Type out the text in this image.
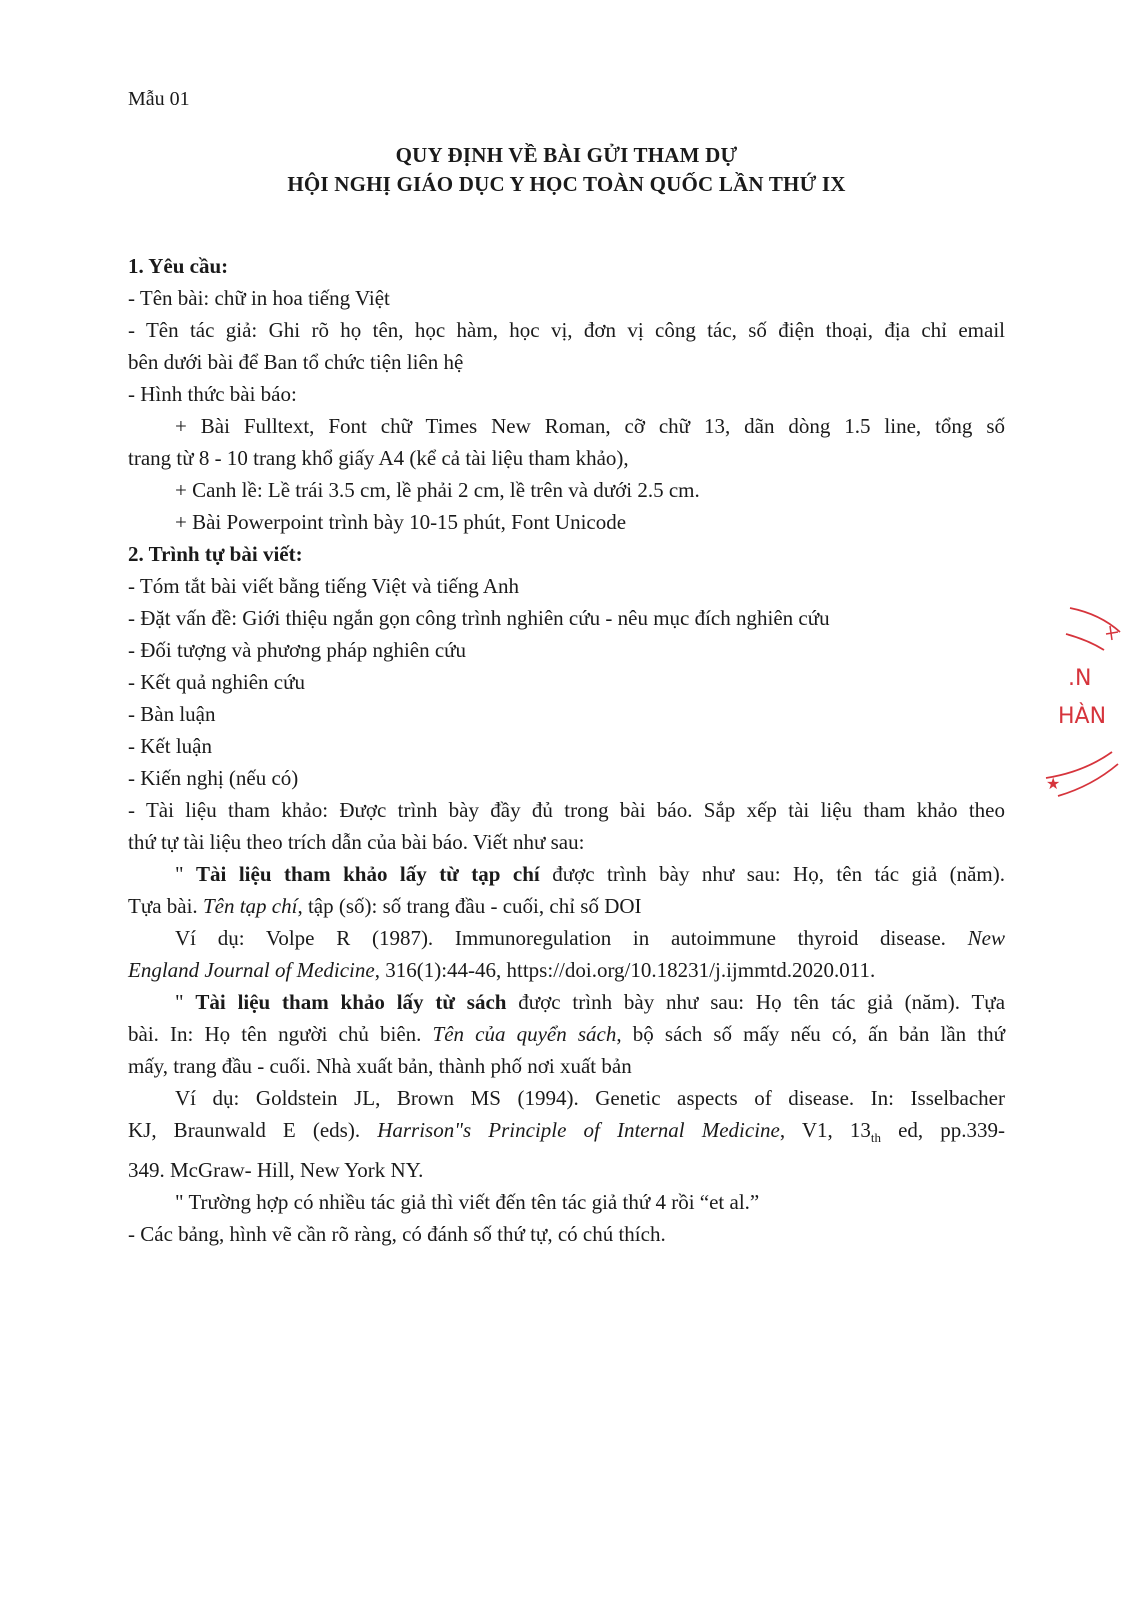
Mẫu 01
QUY ĐỊNH VỀ BÀI GỬI THAM DỰ
HỘI NGHỊ GIÁO DỤC Y HỌC TOÀN QUỐC LẦN THỨ IX
1. Yêu cầu:
- Tên bài: chữ in hoa tiếng Việt
- Tên tác giả: Ghi rõ họ tên, học hàm, học vị, đơn vị công tác, số điện thoại, địa chỉ email
bên dưới bài để Ban tổ chức tiện liên hệ
- Hình thức bài báo:
+ Bài Fulltext, Font chữ Times New Roman, cỡ chữ 13, dãn dòng 1.5 line, tổng số
trang từ 8 - 10 trang khổ giấy A4 (kể cả tài liệu tham khảo),
+ Canh lề: Lề trái 3.5 cm, lề phải 2 cm, lề trên và dưới 2.5 cm.
+ Bài Powerpoint trình bày 10-15 phút, Font Unicode
2. Trình tự bài viết:
- Tóm tắt bài viết bằng tiếng Việt và tiếng Anh
- Đặt vấn đề: Giới thiệu ngắn gọn công trình nghiên cứu - nêu mục đích nghiên cứu
- Đối tượng và phương pháp nghiên cứu
- Kết quả nghiên cứu
- Bàn luận
- Kết luận
- Kiến nghị (nếu có)
- Tài liệu tham khảo: Được trình bày đầy đủ trong bài báo. Sắp xếp tài liệu tham khảo theo
thứ tự tài liệu theo trích dẫn của bài báo. Viết như sau:
" Tài liệu tham khảo lấy từ tạp chí được trình bày như sau: Họ, tên tác giả (năm).
Tựa bài. Tên tạp chí, tập (số): số trang đầu - cuối, chỉ số DOI
Ví dụ: Volpe R (1987). Immunoregulation in autoimmune thyroid disease. New
England Journal of Medicine, 316(1):44-46, https://doi.org/10.18231/j.ijmmtd.2020.011.
" Tài liệu tham khảo lấy từ sách được trình bày như sau: Họ tên tác giả (năm). Tựa
bài. In: Họ tên người chủ biên. Tên của quyển sách, bộ sách số mấy nếu có, ấn bản lần thứ
mấy, trang đầu - cuối. Nhà xuất bản, thành phố nơi xuất bản
Ví dụ: Goldstein JL, Brown MS (1994). Genetic aspects of disease. In: Isselbacher
KJ, Braunwald E (eds). Harrison"s Principle of Internal Medicine, V1, $13_{th}$ ed, pp.339-
349. McGraw- Hill, New York NY.
" Trường hợp có nhiều tác giả thì viết đến tên tác giả thứ 4 rồi “et al.”
- Các bảng, hình vẽ cần rõ ràng, có đánh số thứ tự, có chú thích.
.N
HÀN
★
